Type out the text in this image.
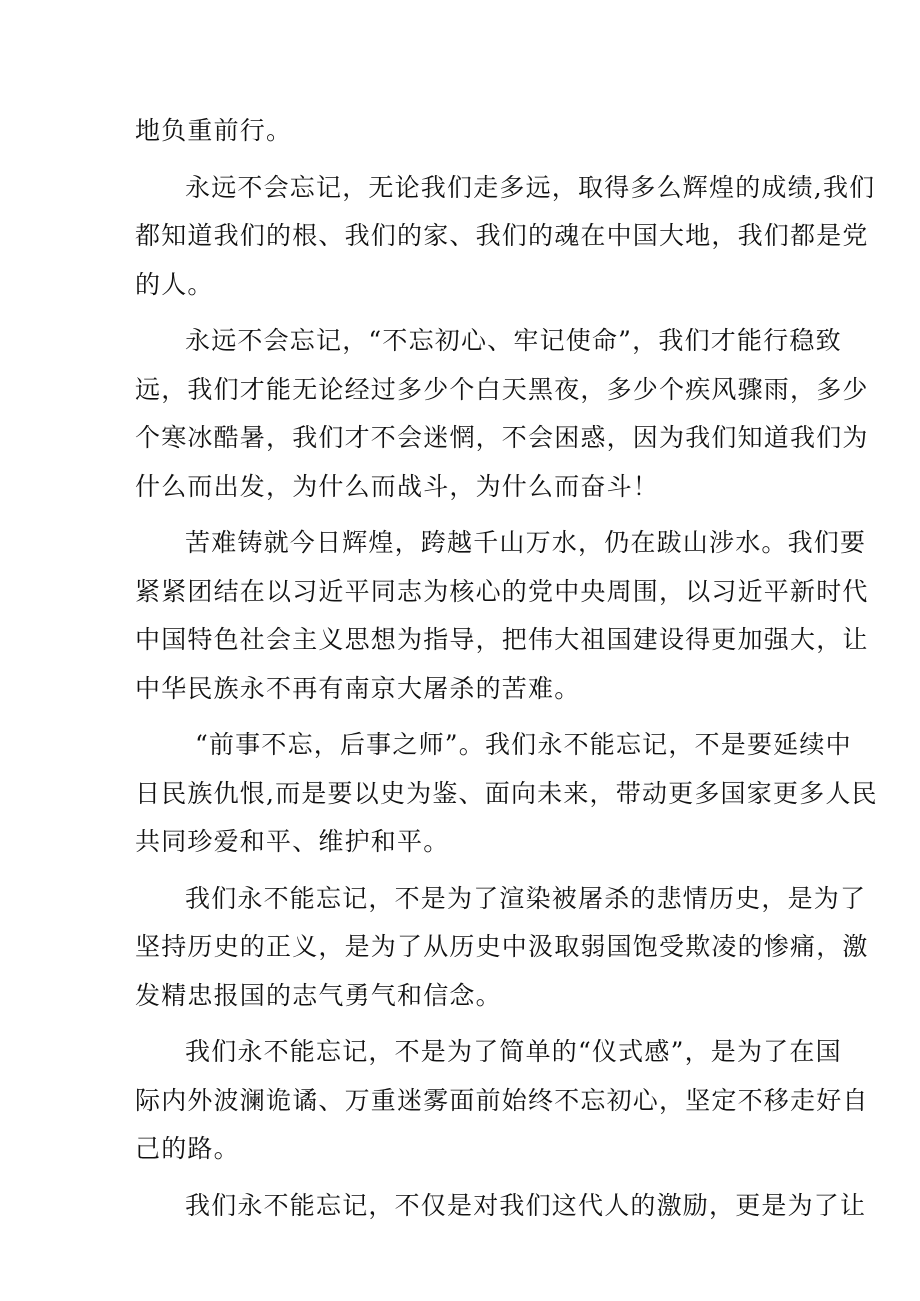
地负重前行。
永远不会忘记，无论我们走多远，取得多么辉煌的成绩,我们
都知道我们的根、我们的家、我们的魂在中国大地，我们都是党
的人。
永远不会忘记，“不忘初心、牢记使命”，我们才能行稳致
远，我们才能无论经过多少个白天黑夜，多少个疾风骤雨，多少
个寒冰酷暑，我们才不会迷惘，不会困惑，因为我们知道我们为
什么而出发，为什么而战斗，为什么而奋斗！
苦难铸就今日辉煌，跨越千山万水，仍在跋山涉水。我们要
紧紧团结在以习近平同志为核心的党中央周围，以习近平新时代
中国特色社会主义思想为指导，把伟大祖国建设得更加强大，让
中华民族永不再有南京大屠杀的苦难。
“前事不忘，后事之师”。我们永不能忘记，不是要延续中
日民族仇恨,而是要以史为鉴、面向未来，带动更多国家更多人民
共同珍爱和平、维护和平。
我们永不能忘记，不是为了渲染被屠杀的悲情历史，是为了
坚持历史的正义，是为了从历史中汲取弱国饱受欺凌的惨痛，激
发精忠报国的志气勇气和信念。
我们永不能忘记，不是为了简单的“仪式感”，是为了在国
际内外波澜诡谲、万重迷雾面前始终不忘初心，坚定不移走好自
己的路。
我们永不能忘记，不仅是对我们这代人的激励，更是为了让
